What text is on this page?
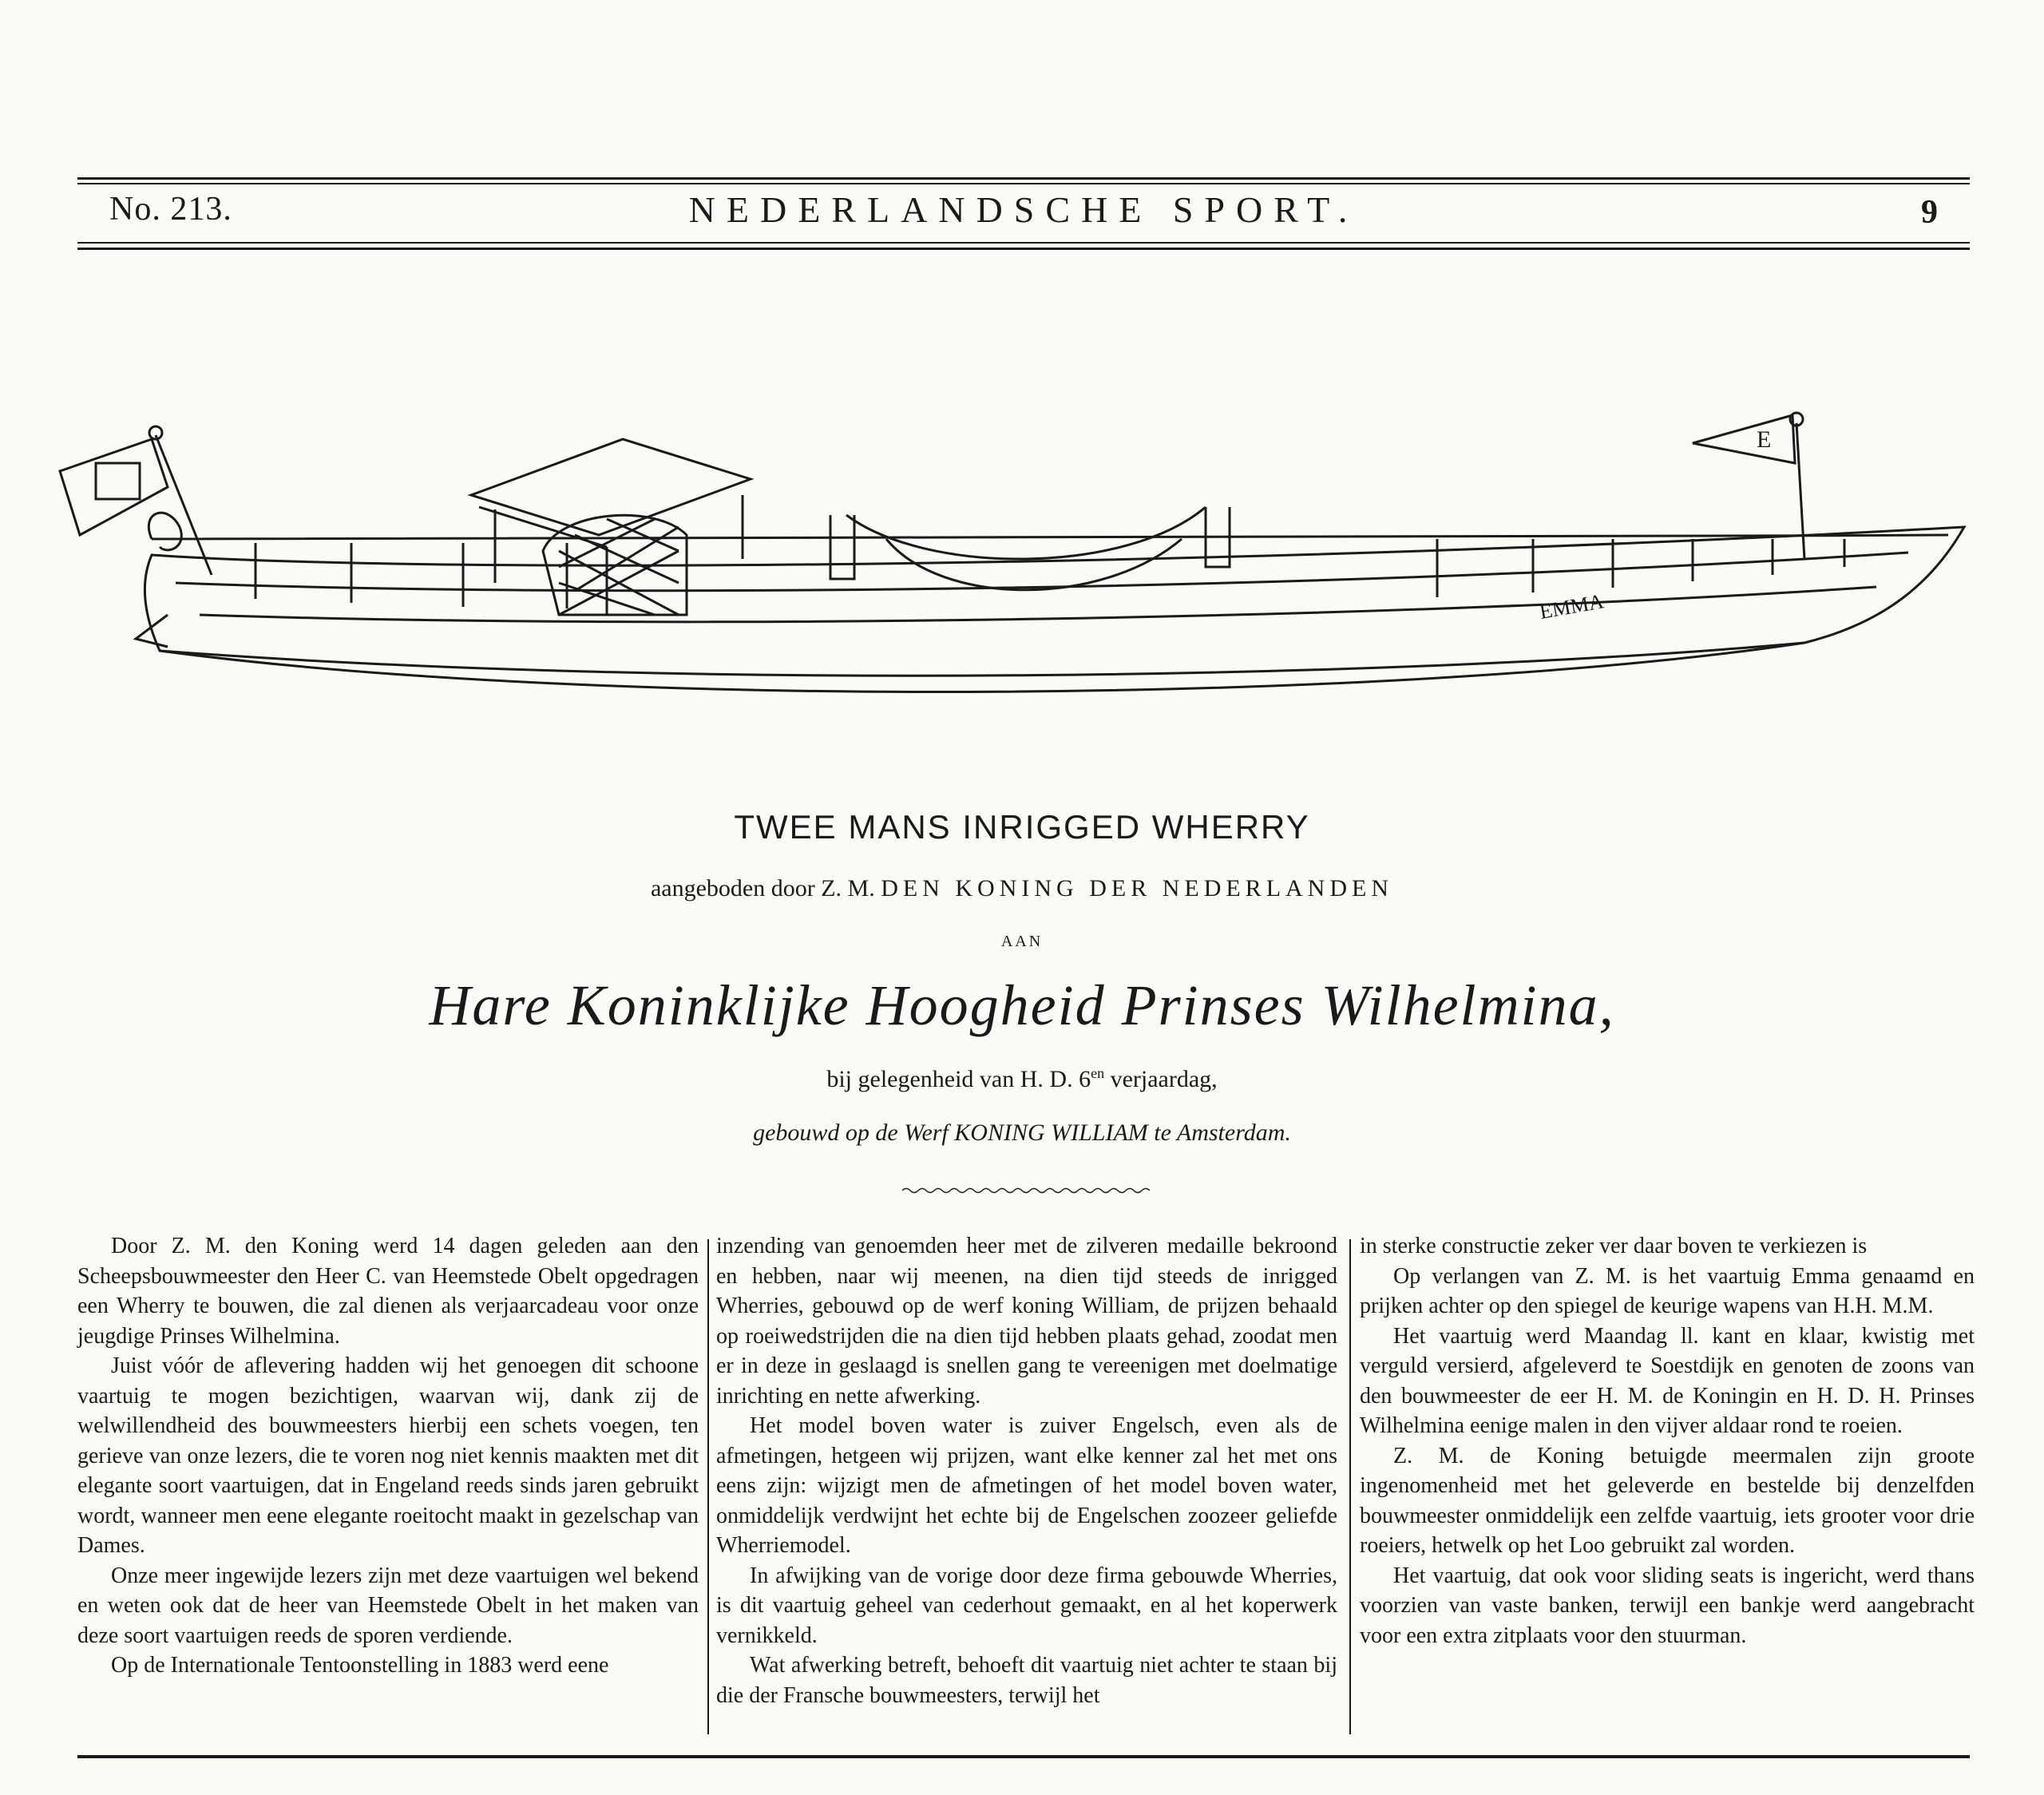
No. 213.	NEDERLANDSCHE SPORT.	9
E
EMMA
TWEE MANS INRIGGED WHERRY
aangeboden door Z. M. DEN KONING DER NEDERLANDEN
AAN
Hare Koninklijke Hoogheid Prinses Wilhelmina,
bij gelegenheid van H. D. $6^{en}$ verjaardag,
gebouwd op de Werf KONING WILLIAM te Amsterdam.

Door Z. M. den Koning werd 14 dagen geleden aan den Scheepsbouwmeester den Heer C. van Heemstede Obelt opgedragen een Wherry te bouwen, die zal dienen als verjaarcadeau voor onze jeugdige Prinses Wilhelmina.

Juist vóór de aflevering hadden wij het genoegen dit schoone vaartuig te mogen bezichtigen, waarvan wij, dank zij de welwillendheid des bouwmeesters hierbij een schets voegen, ten gerieve van onze lezers, die te voren nog niet kennis maakten met dit elegante soort vaartuigen, dat in Engeland reeds sinds jaren gebruikt wordt, wanneer men eene elegante roeitocht maakt in gezelschap van Dames.

Onze meer ingewijde lezers zijn met deze vaartuigen wel bekend en weten ook dat de heer van Heemstede Obelt in het maken van deze soort vaartuigen reeds de sporen verdiende.

Op de Internationale Tentoonstelling in 1883 werd eene

inzending van genoemden heer met de zilveren medaille bekroond en hebben, naar wij meenen, na dien tijd steeds de inrigged Wherries, gebouwd op de werf koning William, de prijzen behaald op roeiwedstrijden die na dien tijd hebben plaats gehad, zoodat men er in deze in geslaagd is snellen gang te vereenigen met doelmatige inrichting en nette afwerking.

Het model boven water is zuiver Engelsch, even als de afmetingen, hetgeen wij prijzen, want elke kenner zal het met ons eens zijn: wijzigt men de afmetingen of het model boven water, onmiddelijk verdwijnt het echte bij de Engelschen zoozeer geliefde Wherriemodel.

In afwijking van de vorige door deze firma gebouwde Wherries, is dit vaartuig geheel van cederhout gemaakt, en al het koperwerk vernikkeld.

Wat afwerking betreft, behoeft dit vaartuig niet achter te staan bij die der Fransche bouwmeesters, terwijl het

in sterke constructie zeker ver daar boven te verkiezen is

Op verlangen van Z. M. is het vaartuig Emma genaamd en prijken achter op den spiegel de keurige wapens van H.H. M.M.

Het vaartuig werd Maandag ll. kant en klaar, kwistig met verguld versierd, afgeleverd te Soestdijk en genoten de zoons van den bouwmeester de eer H. M. de Koningin en H. D. H. Prinses Wilhelmina eenige malen in den vijver aldaar rond te roeien.

Z. M. de Koning betuigde meermalen zijn groote ingenomenheid met het geleverde en bestelde bij denzelfden bouwmeester onmiddelijk een zelfde vaartuig, iets grooter voor drie roeiers, hetwelk op het Loo gebruikt zal worden.

Het vaartuig, dat ook voor sliding seats is ingericht, werd thans voorzien van vaste banken, terwijl een bankje werd aangebracht voor een extra zitplaats voor den stuurman.
